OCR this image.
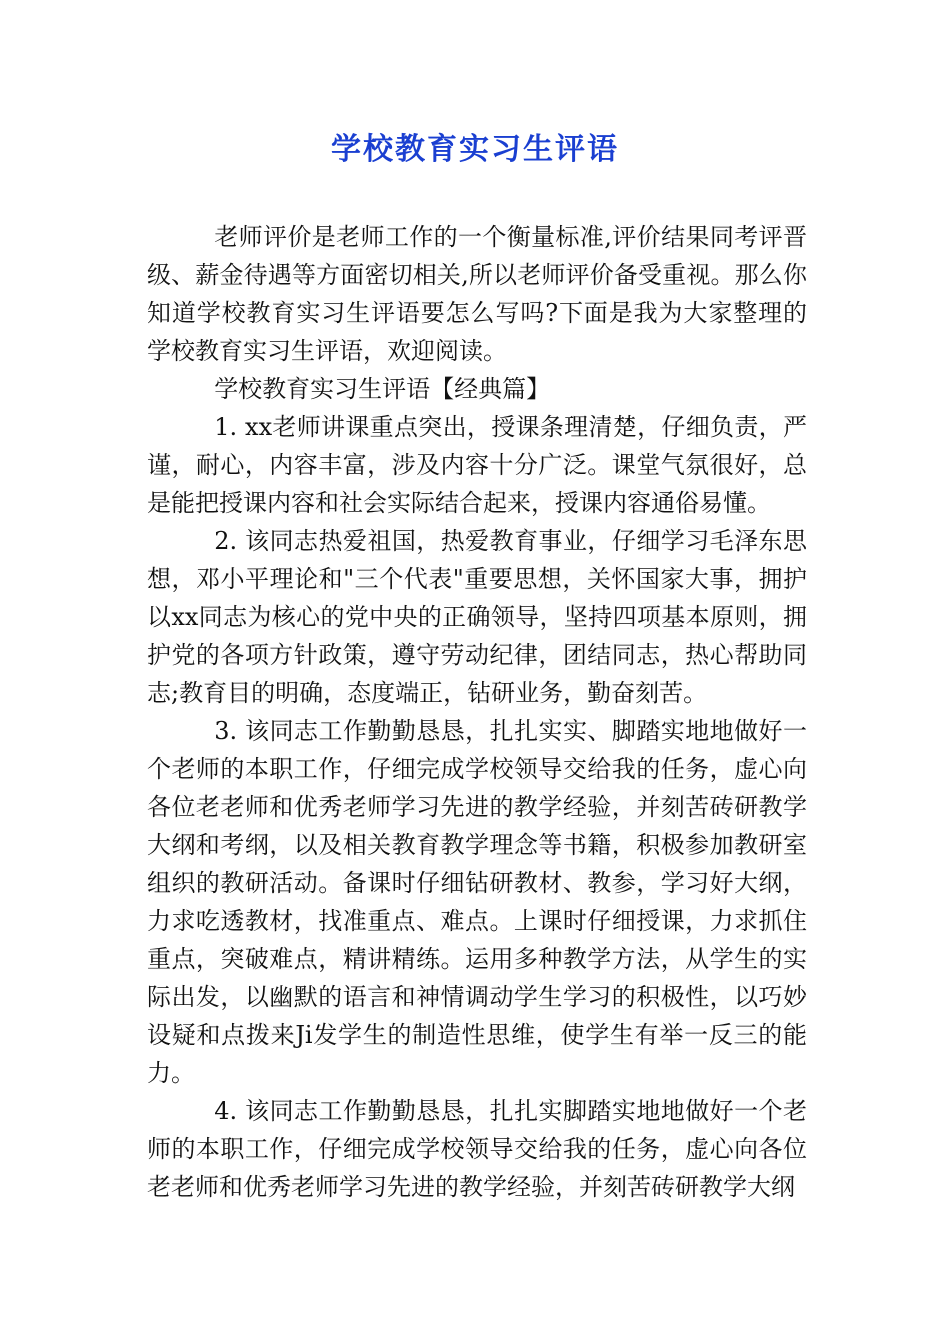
学校教育实习生评语

老师评价是老师工作的一个衡量标准,评价结果同考评晋级、薪金待遇等方面密切相关,所以老师评价备受重视。那么你知道学校教育实习生评语要怎么写吗?下面是我为大家整理的学校教育实习生评语，欢迎阅读。

学校教育实习生评语【经典篇】

1. xx老师讲课重点突出，授课条理清楚，仔细负责，严谨，耐心，内容丰富，涉及内容十分广泛。课堂气氛很好，总是能把授课内容和社会实际结合起来，授课内容通俗易懂。

2. 该同志热爱祖国，热爱教育事业，仔细学习毛泽东思想，邓小平理论和"三个代表"重要思想，关怀国家大事，拥护以xx同志为核心的党中央的正确领导，坚持四项基本原则，拥护党的各项方针政策，遵守劳动纪律，团结同志，热心帮助同志;教育目的明确，态度端正，钻研业务，勤奋刻苦。

3. 该同志工作勤勤恳恳，扎扎实实、脚踏实地地做好一个老师的本职工作，仔细完成学校领导交给我的任务，虚心向各位老老师和优秀老师学习先进的教学经验，并刻苦砖研教学大纲和考纲，以及相关教育教学理念等书籍，积极参加教研室组织的教研活动。备课时仔细钻研教材、教参，学习好大纲，力求吃透教材，找准重点、难点。上课时仔细授课，力求抓住重点，突破难点，精讲精练。运用多种教学方法，从学生的实际出发，以幽默的语言和神情调动学生学习的积极性，以巧妙设疑和点拨来Ji发学生的制造性思维，使学生有举一反三的能力。

4. 该同志工作勤勤恳恳，扎扎实脚踏实地地做好一个老师的本职工作，仔细完成学校领导交给我的任务，虚心向各位老老师和优秀老师学习先进的教学经验，并刻苦砖研教学大纲
